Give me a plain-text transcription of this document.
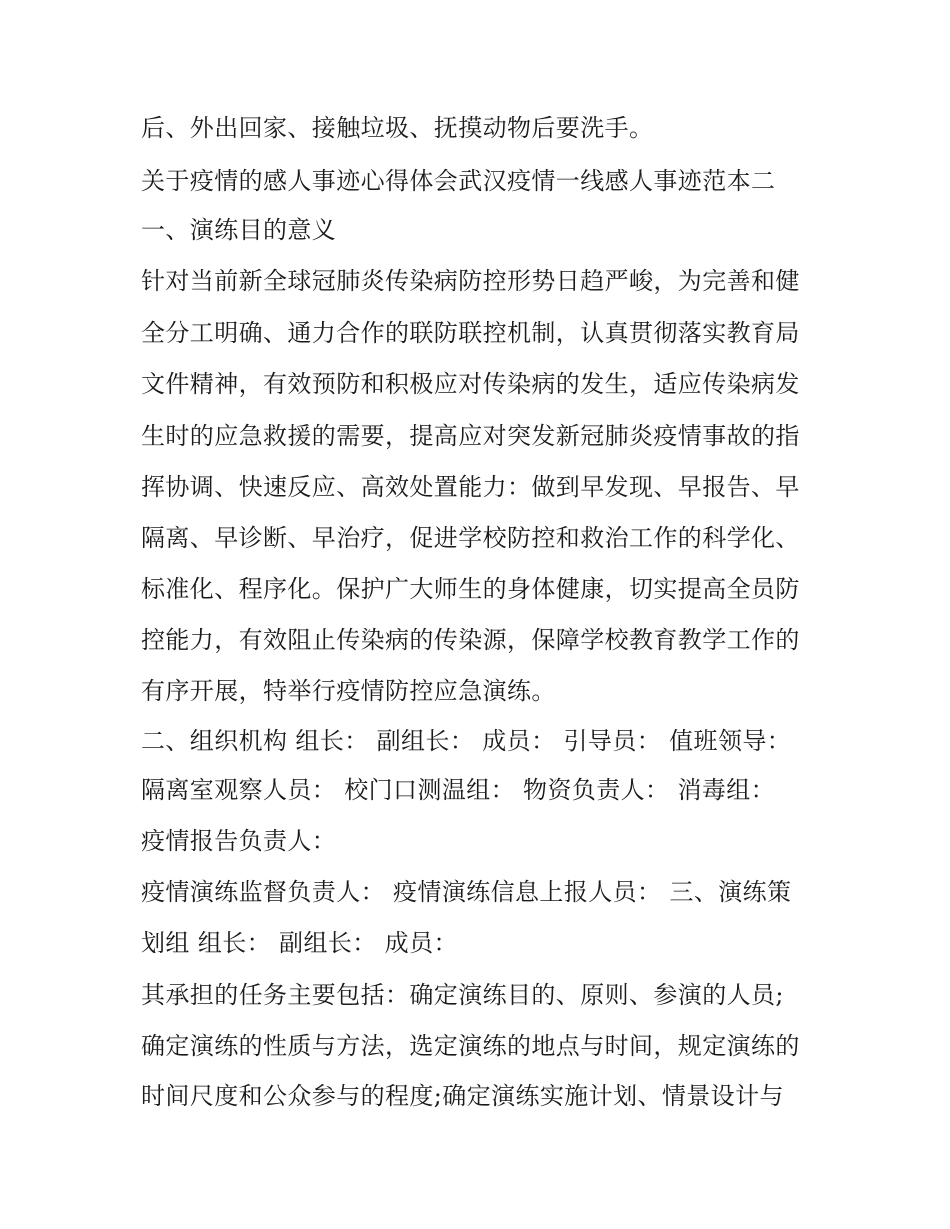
后、外出回家、接触垃圾、抚摸动物后要洗手。
关于疫情的感人事迹心得体会武汉疫情一线感人事迹范本二
一、演练目的意义
针对当前新全球冠肺炎传染病防控形势日趋严峻，为完善和健
全分工明确、通力合作的联防联控机制，认真贯彻落实教育局
文件精神，有效预防和积极应对传染病的发生，适应传染病发
生时的应急救援的需要，提高应对突发新冠肺炎疫情事故的指
挥协调、快速反应、高效处置能力：做到早发现、早报告、早
隔离、早诊断、早治疗，促进学校防控和救治工作的科学化、
标准化、程序化。保护广大师生的身体健康，切实提高全员防
控能力，有效阻止传染病的传染源，保障学校教育教学工作的
有序开展，特举行疫情防控应急演练。
二、组织机构 组长： 副组长： 成员： 引导员： 值班领导：
隔离室观察人员： 校门口测温组： 物资负责人： 消毒组：
疫情报告负责人：
疫情演练监督负责人： 疫情演练信息上报人员： 三、演练策
划组 组长： 副组长： 成员：
其承担的任务主要包括：确定演练目的、原则、参演的人员;
确定演练的性质与方法，选定演练的地点与时间，规定演练的
时间尺度和公众参与的程度;确定演练实施计划、情景设计与
